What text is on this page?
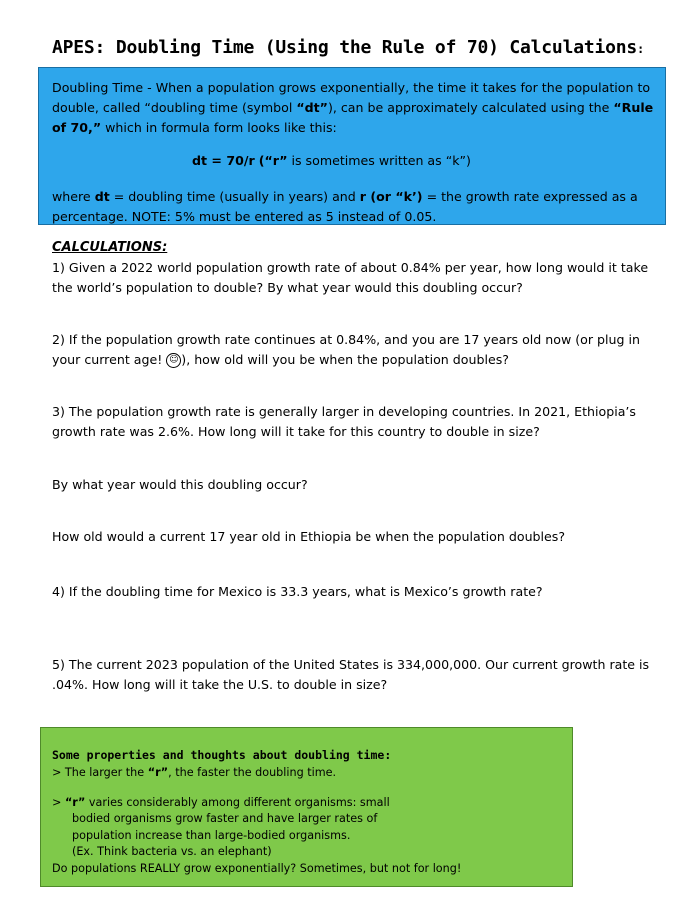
APES: Doubling Time (Using the Rule of 70) Calculations:

Doubling Time - When a population grows exponentially, the time it takes for the population to double, called “doubling time (symbol “dt”), can be approximately calculated using the “Rule of 70,” which in formula form looks like this:

dt = 70/r (“r” is sometimes written as “k”)

where dt = doubling time (usually in years) and r (or “k’) = the growth rate expressed as a percentage. NOTE: 5% must be entered as 5 instead of 0.05.

CALCULATIONS:
1) Given a 2022 world population growth rate of about 0.84% per year, how long would it take the world’s population to double? By what year would this doubling occur?
2) If the population growth rate continues at 0.84%, and you are 17 years old now (or plug in your current age! ☺ ), how old will you be when the population doubles?
3) The population growth rate is generally larger in developing countries. In 2021, Ethiopia’s growth rate was 2.6%. How long will it take for this country to double in size?
By what year would this doubling occur?
How old would a current 17 year old in Ethiopia be when the population doubles?
4) If the doubling time for Mexico is 33.3 years, what is Mexico’s growth rate?
5) The current 2023 population of the United States is 334,000,000. Our current growth rate is .04%. How long will it take the U.S. to double in size?
Some properties and thoughts about doubling time:
> The larger the “r”, the faster the doubling time.
> “r” varies considerably among different organisms: small
bodied organisms grow faster and have larger rates of
population increase than large-bodied organisms.
(Ex. Think bacteria vs. an elephant)
Do populations REALLY grow exponentially? Sometimes, but not for long!
